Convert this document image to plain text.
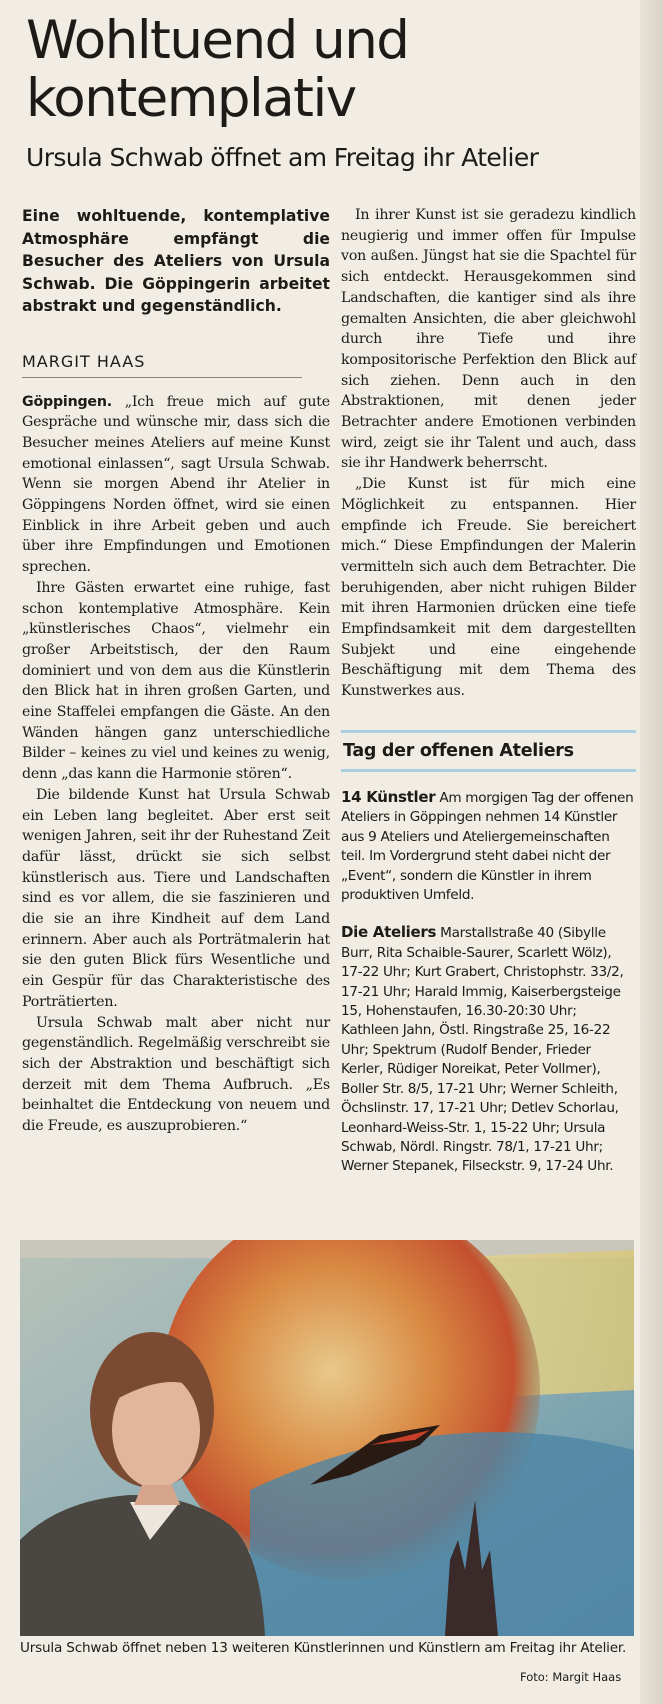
Wohltuend und
kontemplativ
Ursula Schwab öffnet am Freitag ihr Atelier

Eine wohltuende, kontemplative Atmosphäre empfängt die Besucher des Ateliers von Ursula Schwab. Die Göppingerin arbeitet abstrakt und gegenständlich.

MARGIT HAAS

Göppingen. „Ich freue mich auf gute Gespräche und wünsche mir, dass sich die Besucher meines Ateliers auf meine Kunst emotional einlassen“, sagt Ursula Schwab. Wenn sie morgen Abend ihr Atelier in Göppingens Norden öffnet, wird sie einen Einblick in ihre Arbeit geben und auch über ihre Empfindungen und Emotionen sprechen.

Ihre Gästen erwartet eine ruhige, fast schon kontemplative Atmosphäre. Kein „künstlerisches Chaos“, vielmehr ein großer Arbeitstisch, der den Raum dominiert und von dem aus die Künstlerin den Blick hat in ihren großen Garten, und eine Staffelei empfangen die Gäste. An den Wänden hängen ganz unterschiedliche Bilder – keines zu viel und keines zu wenig, denn „das kann die Harmonie stören“.

Die bildende Kunst hat Ursula Schwab ein Leben lang begleitet. Aber erst seit wenigen Jahren, seit ihr der Ruhestand Zeit dafür lässt, drückt sie sich selbst künstlerisch aus. Tiere und Landschaften sind es vor allem, die sie faszinieren und die sie an ihre Kindheit auf dem Land erinnern. Aber auch als Porträtmalerin hat sie den guten Blick fürs Wesentliche und ein Gespür für das Charakteristische des Porträtierten.

Ursula Schwab malt aber nicht nur gegenständlich. Regelmäßig verschreibt sie sich der Abstraktion und beschäftigt sich derzeit mit dem Thema Aufbruch. „Es beinhaltet die Entdeckung von neuem und die Freude, es auszuprobieren.“

In ihrer Kunst ist sie geradezu kindlich neugierig und immer offen für Impulse von außen. Jüngst hat sie die Spachtel für sich entdeckt. Herausgekommen sind Landschaften, die kantiger sind als ihre gemalten Ansichten, die aber gleichwohl durch ihre Tiefe und ihre kompositorische Perfektion den Blick auf sich ziehen. Denn auch in den Abstraktionen, mit denen jeder Betrachter andere Emotionen verbinden wird, zeigt sie ihr Talent und auch, dass sie ihr Handwerk beherrscht.

„Die Kunst ist für mich eine Möglichkeit zu entspannen. Hier empfinde ich Freude. Sie bereichert mich.“ Diese Empfindungen der Malerin vermitteln sich auch dem Betrachter. Die beruhigenden, aber nicht ruhigen Bilder mit ihren Harmonien drücken eine tiefe Empfindsamkeit mit dem dargestellten Subjekt und eine eingehende Beschäftigung mit dem Thema des Kunstwerkes aus.

Tag der offenen Ateliers

14 Künstler Am morgigen Tag der offenen Ateliers in Göppingen nehmen 14 Künstler aus 9 Ateliers und Ateliergemeinschaften teil. Im Vordergrund steht dabei nicht der „Event“, sondern die Künstler in ihrem produktiven Umfeld.

Die Ateliers Marstallstraße 40 (Sibylle Burr, Rita Schaible-Saurer, Scarlett Wölz), 17-22 Uhr; Kurt Grabert, Christophstr. 33/2, 17-21 Uhr; Harald Immig, Kaiserbergsteige 15, Hohenstaufen, 16.30-20:30 Uhr; Kathleen Jahn, Östl. Ringstraße 25, 16-22 Uhr; Spektrum (Rudolf Bender, Frieder Kerler, Rüdiger Noreikat, Peter Vollmer), Boller Str. 8/5, 17-21 Uhr; Werner Schleith, Öchslinstr. 17, 17-21 Uhr; Detlev Schorlau, Leonhard-Weiss-Str. 1, 15-22 Uhr; Ursula Schwab, Nördl. Ringstr. 78/1, 17-21 Uhr; Werner Stepanek, Filseckstr. 9, 17-24 Uhr.

Ursula Schwab öffnet neben 13 weiteren Künstlerinnen und Künstlern am Freitag ihr Atelier.
Foto: Margit Haas
